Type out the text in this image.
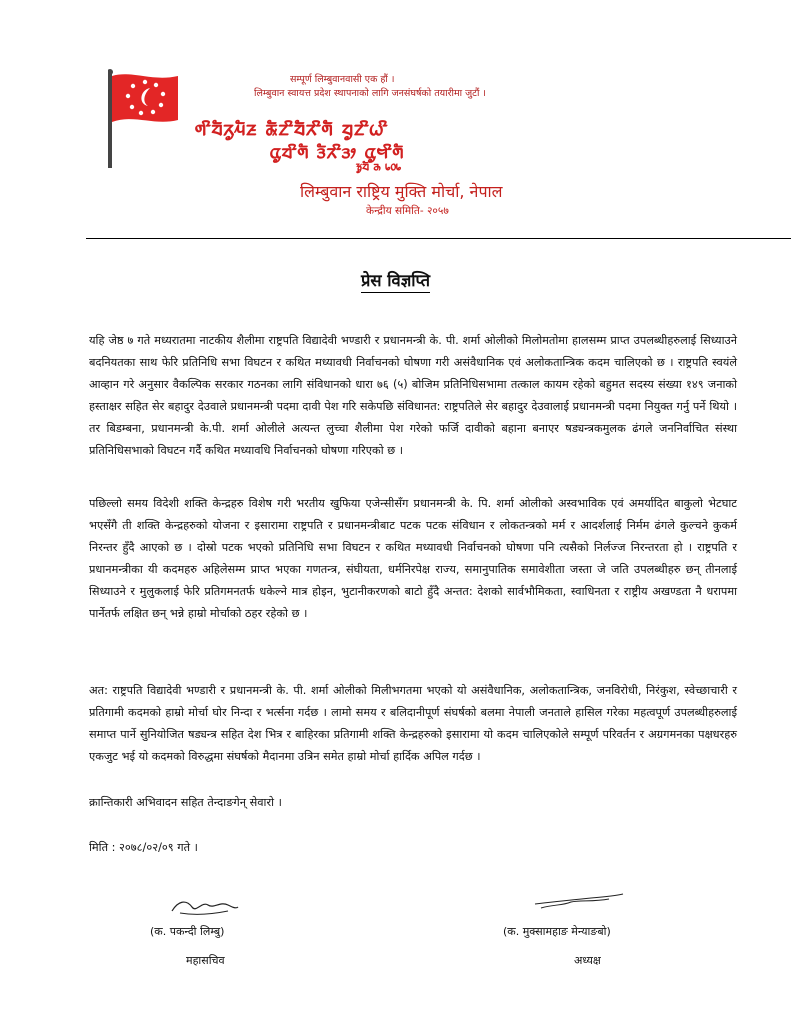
सम्पूर्ण लिम्बुवानवासी एक हौं ।
लिम्बुवान स्वायत्त प्रदेश स्थापनाको लागि जनसंघर्षको तयारीमा जुटौं ।
ᤛᤡᤔᤠᤖᤢᤘᤠᤏ ᤊᤠᤁᤡᤔᤠᤖᤡᤛᤠ ᤔᤢᤁᤡᤐᤡ
ᤂᤢᤔᤡᤛᤠ ᤋᤠᤖᤡᤋᤣ ᤂᤢᤗᤡᤛᤠ
ᤃᤢᤔᤠ ᤌ ᥇᥆᥇
लिम्बुवान राष्ट्रिय मुक्ति मोर्चा, नेपाल
केन्द्रीय समिति- २०५७
प्रेस विज्ञप्ति

यहि जेष्ठ ७ गते मध्यरातमा नाटकीय शैलीमा राष्ट्रपति विद्यादेवी भण्डारी र प्रधानमन्त्री के. पी. शर्मा ओलीको मिलोमतोमा हालसम्म प्राप्त उपलब्धीहरुलाई सिध्याउने बदनियतका साथ फेरि प्रतिनिधि सभा विघटन र कथित मध्यावधी निर्वाचनको घोषणा गरी असंवैधानिक एवं अलोकतान्त्रिक कदम चालिएको छ । राष्ट्रपति स्वयंले आव्हान गरे अनुसार वैकल्पिक सरकार गठनका लागि संविधानको धारा ७६ (५) बोजिम प्रतिनिधिसभामा तत्काल कायम रहेको बहुमत सदस्य संख्या १४९ जनाको हस्ताक्षर सहित सेर बहादुर देउवाले प्रधानमन्त्री पदमा दावी पेश गरि सकेपछि संविधानत: राष्ट्रपतिले सेर बहादुर देउवालाई प्रधानमन्त्री पदमा नियुक्त गर्नु पर्ने थियो । तर बिडम्बना, प्रधानमन्त्री के.पी. शर्मा ओलीले अत्यन्त लुच्चा शैलीमा पेश गरेको फर्जि दावीको बहाना बनाएर षड्यन्त्रकमुलक ढंगले जननिर्वाचित संस्था प्रतिनिधिसभाको विघटन गर्दै कथित मध्यावधि निर्वाचनको घोषणा गरिएको छ ।

पछिल्लो समय विदेशी शक्ति केन्द्रहरु विशेष गरी भरतीय खुफिया एजेन्सीसँग प्रधानमन्त्री के. पि. शर्मा ओलीको अस्वभाविक एवं अमर्यादित बाकुलो भेटघाट भएसँगै ती शक्ति केन्द्रहरुको योजना र इसारामा राष्ट्रपति र प्रधानमन्त्रीबाट पटक पटक संविधान र लोकतन्त्रको मर्म र आदर्शलाई निर्मम ढंगले कुल्चने कुकर्म निरन्तर हुँदै आएको छ । दोस्रो पटक भएको प्रतिनिधि सभा विघटन र कथित मध्यावधी निर्वाचनको घोषणा पनि त्यसैको निर्लज्ज निरन्तरता हो । राष्ट्रपति र प्रधानमन्त्रीका यी कदमहरु अहिलेसम्म प्राप्त भएका गणतन्त्र, संघीयता, धर्मनिरपेक्ष राज्य, समानुपातिक समावेशीता जस्ता जे जति उपलब्धीहरु छन् तीनलाई सिध्याउने र मुलुकलाई फेरि प्रतिगमनतर्फ धकेल्ने मात्र होइन, भुटानीकरणको बाटो हुँदै अन्तत: देशको सार्वभौमिकता, स्वाधिनता र राष्ट्रीय अखण्डता नै धरापमा पार्नेतर्फ लक्षित छन् भन्ने हाम्रो मोर्चाको ठहर रहेको छ ।

अत: राष्ट्रपति विद्यादेवी भण्डारी र प्रधानमन्त्री के. पी. शर्मा ओलीको मिलीभगतमा भएको यो असंवैधानिक, अलोकतान्त्रिक, जनविरोधी, निरंकुश, स्वेच्छाचारी र प्रतिगामी कदमको हाम्रो मोर्चा घोर निन्दा र भर्त्सना गर्दछ । लामो समय र बलिदानीपूर्ण संघर्षको बलमा नेपाली जनताले हासिल गरेका महत्वपूर्ण उपलब्धीहरुलाई समाप्त पार्ने सुनियोजित षड्यन्त्र सहित देश भित्र र बाहिरका प्रतिगामी शक्ति केन्द्रहरुको इसारामा यो कदम चालिएकोले सम्पूर्ण परिवर्तन र अग्रगमनका पक्षधरहरु एकजुट भई यो कदमको विरुद्धमा संघर्षको मैदानमा उत्रिन समेत हाम्रो मोर्चा हार्दिक अपिल गर्दछ ।

क्रान्तिकारी अभिवादन सहित तेन्दाङगेन् सेवारो ।
मिति : २०७८/०२/०९ गते ।
(क. पकन्दी लिम्बु)
महासचिव
(क. मुक्सामहाङ मेन्याङबो)
अध्यक्ष
